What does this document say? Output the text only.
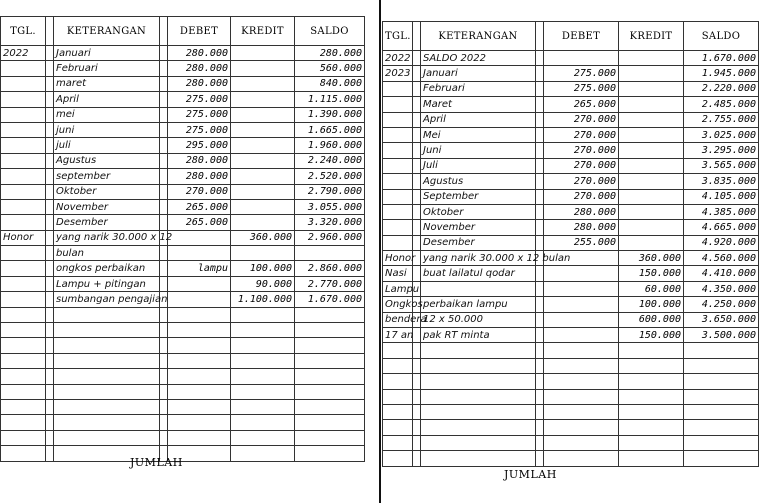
TGL.		KETERANGAN		DEBET	KREDIT	SALDO
2022		Januari		280.000		280.000
		Februari		280.000		560.000
		maret		280.000		840.000
		April		275.000		1.115.000
		mei		275.000		1.390.000
		juni		275.000		1.665.000
		juli		295.000		1.960.000
		Agustus		280.000		2.240.000
		september		280.000		2.520.000
		Oktober		270.000		2.790.000
		November		265.000		3.055.000
		Desember		265.000		3.320.000
Honor		yang narik 30.000 x 12			360.000	2.960.000
		bulan				
		ongkos perbaikan		lampu	100.000	2.860.000
		Lampu + pitingan			90.000	2.770.000
		sumbangan pengajian			1.100.000	1.670.000

JUMLAH
TGL.		KETERANGAN		DEBET	KREDIT	SALDO
2022		SALDO 2022				1.670.000
2023		Januari		275.000		1.945.000
		Februari		275.000		2.220.000
		Maret		265.000		2.485.000
		April		270.000		2.755.000
		Mei		270.000		3.025.000
		Juni		270.000		3.295.000
		Juli		270.000		3.565.000
		Agustus		270.000		3.835.000
		September		270.000		4.105.000
		Oktober		280.000		4.385.000
		November		280.000		4.665.000
		Desember		255.000		4.920.000
Honor		yang narik 30.000 x 12 bulan			360.000	4.560.000
Nasi		buat lailatul qodar			150.000	4.410.000
Lampu					60.000	4.350.000
Ongkos		perbaikan lampu			100.000	4.250.000
bendera		12 x 50.000			600.000	3.650.000
17 an		pak RT minta			150.000	3.500.000

JUMLAH
